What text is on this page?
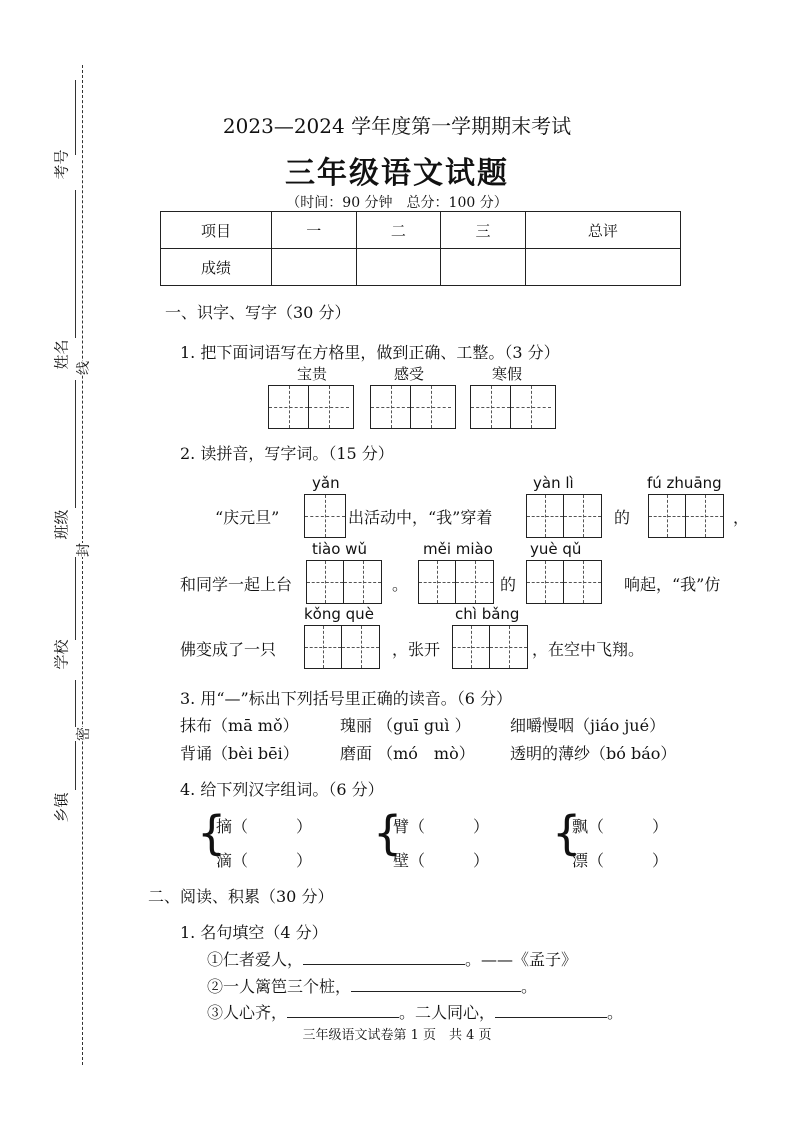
考号
姓名
班级
学校
乡镇
线
封
密
2023—2024 学年度第一学期期末考试
三年级语文试题
（时间：90 分钟　总分：100 分）
项目	一	二	三	总评
成绩				
一、识字、写字（30 分）
1. 把下面词语写在方格里，做到正确、工整。（3 分）
宝贵	感受	寒假
2. 读拼音，写字词。（15 分）
yǎn	yàn lì	fú zhuāng
“庆元旦”	出活动中，“我”穿着	的	，
tiào wǔ	měi miào yuè qǔ
和同学一起上台	。	的	响起，“我”仿
kǒng què	chì bǎng
佛变成了一只	，张开	，在空中飞翔。
3. 用“—”标出下列括号里正确的读音。（6 分）
抹布（mā mǒ）	瑰丽 （guī guì ） 细嚼慢咽（jiáo jué）
背诵（bèi bēi）	磨面 （mó　mò） 透明的薄纱（bó báo）
4. 给下列汉字组词。（6 分）
{
摘（　　　）
滴（　　　）
{
臂（　　　）
壁（　　　）
{
飘（　　　）
漂（　　　）
二、阅读、积累（30 分）
1. 名句填空（4 分）
①仁者爱人，	。——《孟子》
②一人篱笆三个桩，	。
③人心齐，	。二人同心，	。
三年级语文试卷第 1 页　共 4 页
